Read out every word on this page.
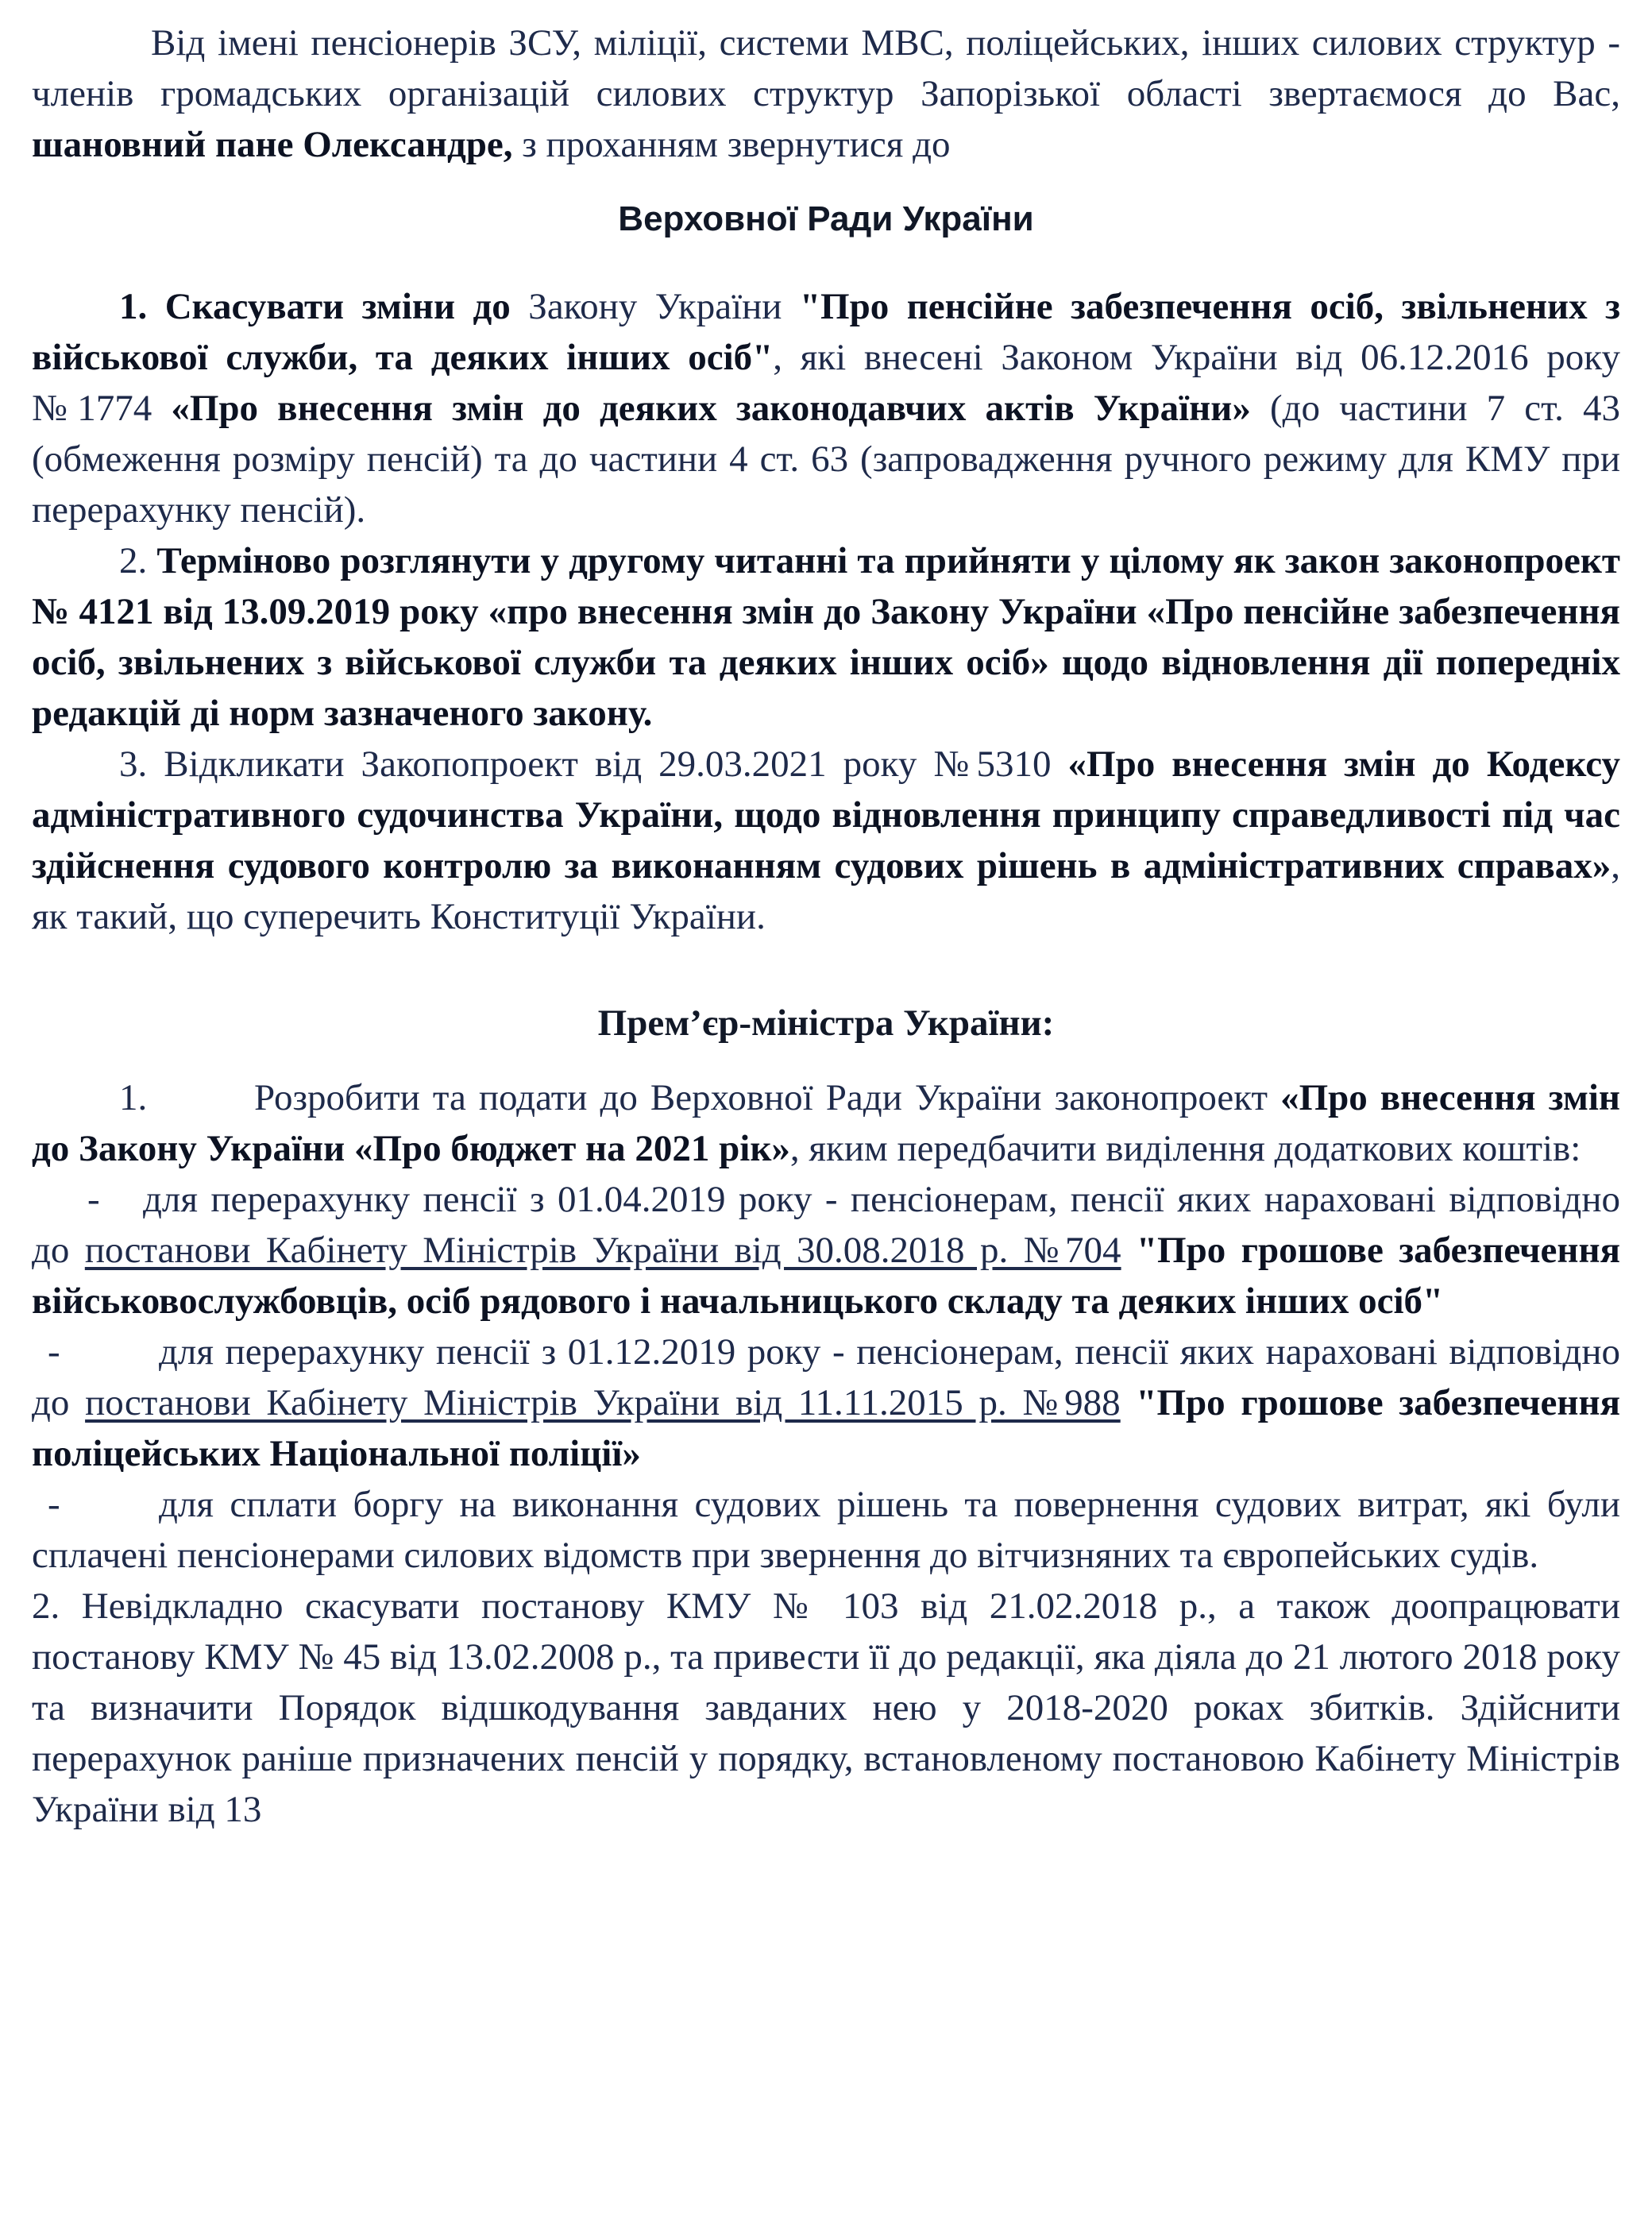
Від імені пенсіонерів ЗСУ, міліції, системи МВС, поліцейських, інших силових структур - членів громадських організацій силових структур Запорізької області звертаємося до Вас, шановний пане Олександре, з проханням звернутися до

Верховної Ради України

1. Скасувати зміни до Закону України "Про пенсійне забезпечення осіб, звільнених з військової служби, та деяких інших осіб", які внесені Законом України від 06.12.2016 року №1774 «Про внесення змін до деяких законодавчих актів України» (до частини 7 ст. 43 (обмеження розміру пенсій) та до частини 4 ст. 63 (запровадження ручного режиму для КМУ при перерахунку пенсій).

2. Терміново розглянути у другому читанні та прийняти у цілому як закон законопроект № 4121 від 13.09.2019 року «про внесення змін до Закону України «Про пенсійне забезпечення осіб, звільнених з військової служби та деяких інших осіб» щодо відновлення дії попередніх редакцій ді норм зазначеного закону.

3. Відкликати Закопопроект від 29.03.2021 року №5310 «Про внесення змін до Кодексу адміністративного судочинства України, щодо відновлення принципу справедливості під час здійснення судового контролю за виконанням судових рішень в адміністративних справах», як такий, що суперечить Конституції України.

Прем’єр-міністра України:

1.	Розробити та подати до Верховної Ради України законопроект «Про внесення змін до Закону України «Про бюджет на 2021 рік», яким передбачити виділення додаткових коштів:

- для перерахунку пенсії з 01.04.2019 року - пенсіонерам, пенсії яких нараховані відповідно до постанови Кабінету Міністрів України від 30.08.2018 р. №704 "Про грошове забезпечення військовослужбовців, осіб рядового і начальницького складу та деяких інших осіб"

-	для перерахунку пенсії з 01.12.2019 року - пенсіонерам, пенсії яких нараховані відповідно до постанови Кабінету Міністрів України від 11.11.2015 р. №988 "Про грошове забезпечення поліцейських Національної поліції»

-	для сплати боргу на виконання судових рішень та повернення судових витрат, які були сплачені пенсіонерами силових відомств при звернення до вітчизняних та європейських судів.

2. Невідкладно скасувати постанову КМУ № 103 від 21.02.2018 р., а також доопрацювати постанову КМУ № 45 від 13.02.2008 р., та привести її до редакції, яка діяла до 21 лютого 2018 року та визначити Порядок відшкодування завданих нею у 2018-2020 роках збитків. Здійснити перерахунок раніше призначених пенсій у порядку, встановленому постановою Кабінету Міністрів України від 13
